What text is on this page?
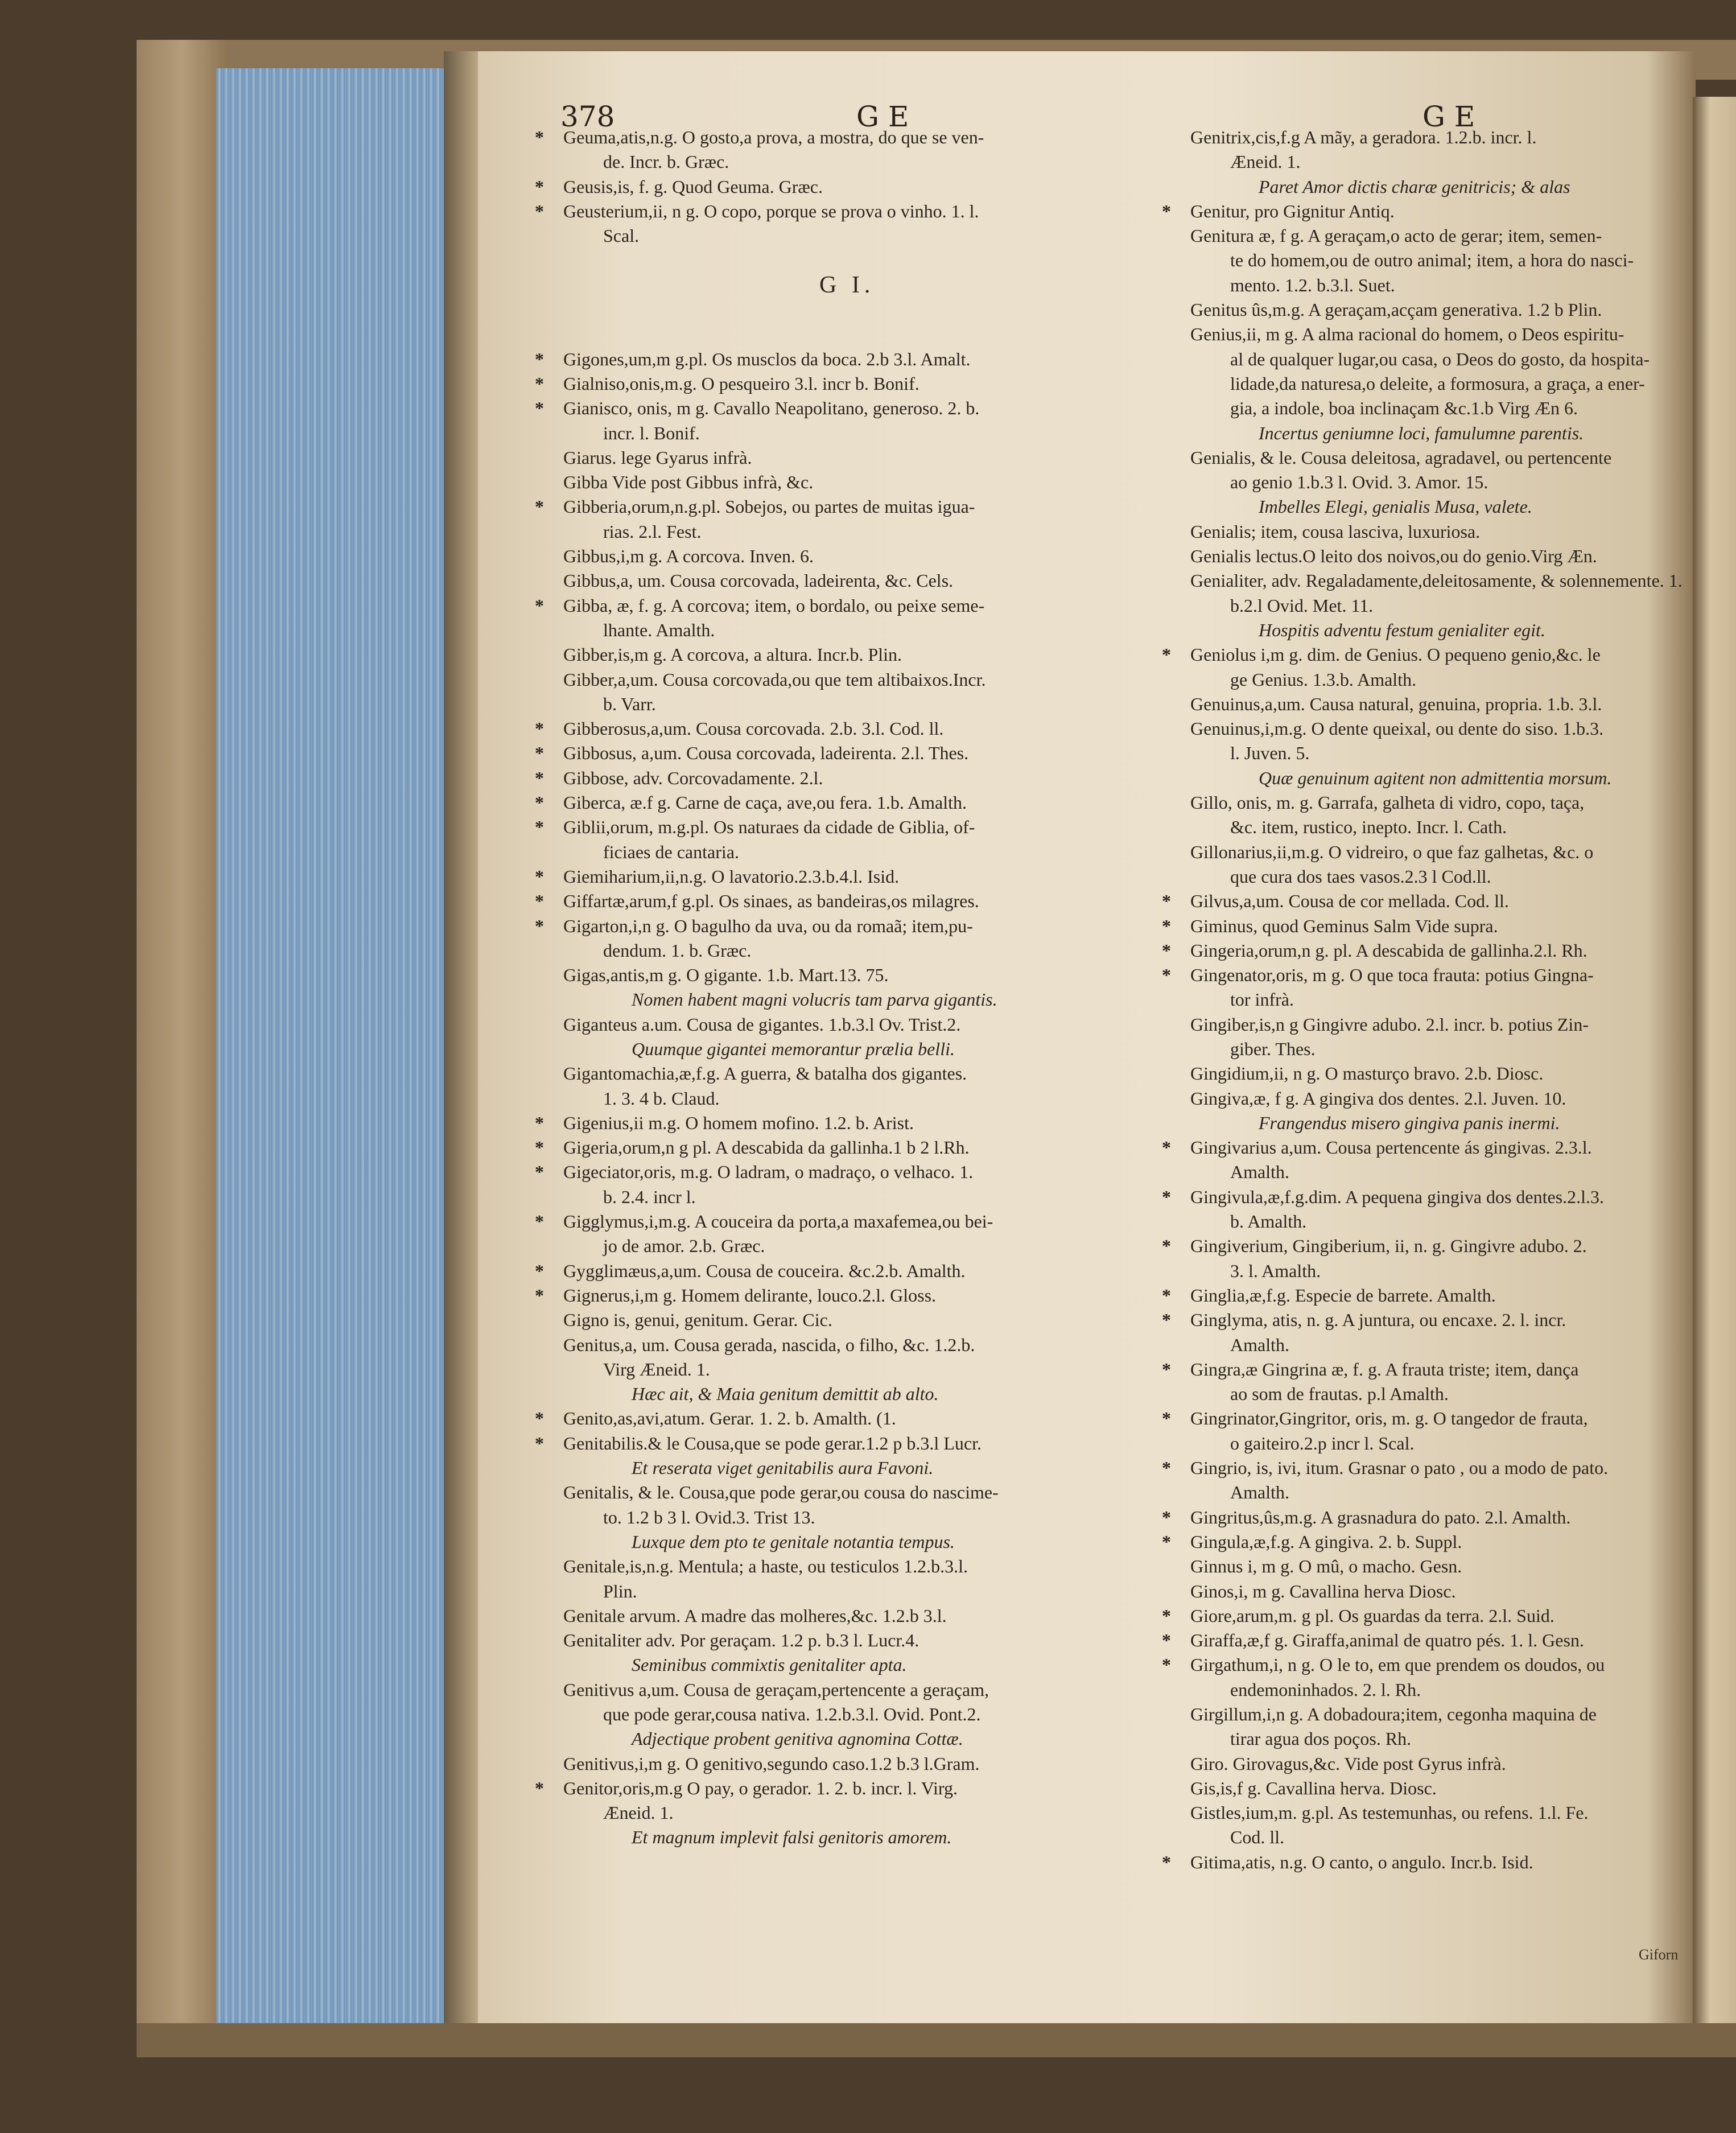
378	G E	G E
* Geuma,atis,n.g. O gosto,a prova, a mostra, do que se ven-
de. Incr. b. Græc.
* Geusis,is, f. g. Quod Geuma. Græc.
* Geusterium,ii, n g. O copo, porque se prova o vinho. 1. l.
Scal.
G I.
* Gigones,um,m g.pl. Os musclos da boca. 2.b 3.l. Amalt.
* Gialniso,onis,m.g. O pesqueiro 3.l. incr b. Bonif.
* Gianisco, onis, m g. Cavallo Neapolitano, generoso. 2. b.
incr. l. Bonif.
Giarus. lege Gyarus infrà.
Gibba Vide post Gibbus infrà, &c.
* Gibberia,orum,n.g.pl. Sobejos, ou partes de muitas igua-
rias. 2.l. Fest.
Gibbus,i,m g. A corcova. Inven. 6.
Gibbus,a, um. Cousa corcovada, ladeirenta, &c. Cels.
* Gibba, æ, f. g. A corcova; item, o bordalo, ou peixe seme-
lhante. Amalth.
Gibber,is,m g. A corcova, a altura. Incr.b. Plin.
Gibber,a,um. Cousa corcovada,ou que tem altibaixos.Incr.
b. Varr.
* Gibberosus,a,um. Cousa corcovada. 2.b. 3.l. Cod. ll.
* Gibbosus, a,um. Cousa corcovada, ladeirenta. 2.l. Thes.
* Gibbose, adv. Corcovadamente. 2.l.
* Giberca, æ.f g. Carne de caça, ave,ou fera. 1.b. Amalth.
* Giblii,orum, m.g.pl. Os naturaes da cidade de Giblia, of-
ficiaes de cantaria.
* Giemiharium,ii,n.g. O lavatorio.2.3.b.4.l. Isid.
* Giffartæ,arum,f g.pl. Os sinaes, as bandeiras,os milagres.
* Gigarton,i,n g. O bagulho da uva, ou da romaã; item,pu-
dendum. 1. b. Græc.
Gigas,antis,m g. O gigante. 1.b. Mart.13. 75.
Nomen habent magni volucris tam parva gigantis.
Giganteus a.um. Cousa de gigantes. 1.b.3.l Ov. Trist.2.
Quumque gigantei memorantur prælia belli.
Gigantomachia,æ,f.g. A guerra, & batalha dos gigantes.
1. 3. 4 b. Claud.
* Gigenius,ii m.g. O homem mofino. 1.2. b. Arist.
* Gigeria,orum,n g pl. A descabida da gallinha.1 b 2 l.Rh.
* Gigeciator,oris, m.g. O ladram, o madraço, o velhaco. 1.
b. 2.4. incr l.
* Gigglymus,i,m.g. A couceira da porta,a maxafemea,ou bei-
jo de amor. 2.b. Græc.
* Gygglimæus,a,um. Cousa de couceira. &c.2.b. Amalth.
* Gignerus,i,m g. Homem delirante, louco.2.l. Gloss.
Gigno is, genui, genitum. Gerar. Cic.
Genitus,a, um. Cousa gerada, nascida, o filho, &c. 1.2.b.
Virg Æneid. 1.
Hæc ait, & Maia genitum demittit ab alto.
* Genito,as,avi,atum. Gerar. 1. 2. b. Amalth. (1.
* Genitabilis.& le Cousa,que se pode gerar.1.2 p b.3.l Lucr.
Et reserata viget genitabilis aura Favoni.
Genitalis, & le. Cousa,que pode gerar,ou cousa do nascime-
to. 1.2 b 3 l. Ovid.3. Trist 13.
Luxque dem pto te genitale notantia tempus.
Genitale,is,n.g. Mentula; a haste, ou testiculos 1.2.b.3.l.
Plin.
Genitale arvum. A madre das molheres,&c. 1.2.b 3.l.
Genitaliter adv. Por geraçam. 1.2 p. b.3 l. Lucr.4.
Seminibus commixtis genitaliter apta.
Genitivus a,um. Cousa de geraçam,pertencente a geraçam,
que pode gerar,cousa nativa. 1.2.b.3.l. Ovid. Pont.2.
Adjectique probent genitiva agnomina Cottæ.
Genitivus,i,m g. O genitivo,segundo caso.1.2 b.3 l.Gram.
* Genitor,oris,m.g O pay, o gerador. 1. 2. b. incr. l. Virg.
Æneid. 1.
Et magnum implevit falsi genitoris amorem.
Genitrix,cis,f.g A mãy, a geradora. 1.2.b. incr. l.
Æneid. 1.
Paret Amor dictis charæ genitricis; & alas
* Genitur, pro Gignitur Antiq.
Genitura æ, f g. A geraçam,o acto de gerar; item, semen-
te do homem,ou de outro animal; item, a hora do nasci-
mento. 1.2. b.3.l. Suet.
Genitus ûs,m.g. A geraçam,acçam generativa. 1.2 b Plin.
Genius,ii, m g. A alma racional do homem, o Deos espiritu-
al de qualquer lugar,ou casa, o Deos do gosto, da hospita-
lidade,da naturesa,o deleite, a formosura, a graça, a ener-
gia, a indole, boa inclinaçam &c.1.b Virg Æn 6.
Incertus geniumne loci, famulumne parentis.
Genialis, & le. Cousa deleitosa, agradavel, ou pertencente
ao genio 1.b.3 l. Ovid. 3. Amor. 15.
Imbelles Elegi, genialis Musa, valete.
Genialis; item, cousa lasciva, luxuriosa.
Genialis lectus.O leito dos noivos,ou do genio.Virg Æn.
Genialiter, adv. Regaladamente,deleitosamente, & solennemente. 1.
b.2.l Ovid. Met. 11.
Hospitis adventu festum genialiter egit.
* Geniolus i,m g. dim. de Genius. O pequeno genio,&c. le
ge Genius. 1.3.b. Amalth.
Genuinus,a,um. Causa natural, genuina, propria. 1.b. 3.l.
Genuinus,i,m.g. O dente queixal, ou dente do siso. 1.b.3.
l. Juven. 5.
Quæ genuinum agitent non admittentia morsum.
Gillo, onis, m. g. Garrafa, galheta di vidro, copo, taça,
&c. item, rustico, inepto. Incr. l. Cath.
Gillonarius,ii,m.g. O vidreiro, o que faz galhetas, &c. o
que cura dos taes vasos.2.3 l Cod.ll.
* Gilvus,a,um. Cousa de cor mellada. Cod. ll.
* Giminus, quod Geminus Salm Vide supra.
* Gingeria,orum,n g. pl. A descabida de gallinha.2.l. Rh.
* Gingenator,oris, m g. O que toca frauta: potius Gingna-
tor infrà.
Gingiber,is,n g Gingivre adubo. 2.l. incr. b. potius Zin-
giber. Thes.
Gingidium,ii, n g. O masturço bravo. 2.b. Diosc.
Gingiva,æ, f g. A gingiva dos dentes. 2.l. Juven. 10.
Frangendus misero gingiva panis inermi.
* Gingivarius a,um. Cousa pertencente ás gingivas. 2.3.l.
Amalth.
* Gingivula,æ,f.g.dim. A pequena gingiva dos dentes.2.l.3.
b. Amalth.
* Gingiverium, Gingiberium, ii, n. g. Gingivre adubo. 2.
3. l. Amalth.
* Ginglia,æ,f.g. Especie de barrete. Amalth.
* Ginglyma, atis, n. g. A juntura, ou encaxe. 2. l. incr.
Amalth.
* Gingra,æ Gingrina æ, f. g. A frauta triste; item, dança
ao som de frautas. p.l Amalth.
* Gingrinator,Gingritor, oris, m. g. O tangedor de frauta,
o gaiteiro.2.p incr l. Scal.
* Gingrio, is, ivi, itum. Grasnar o pato , ou a modo de pato.
Amalth.
* Gingritus,ûs,m.g. A grasnadura do pato. 2.l. Amalth.
* Gingula,æ,f.g. A gingiva. 2. b. Suppl.
Ginnus i, m g. O mû, o macho. Gesn.
Ginos,i, m g. Cavallina herva Diosc.
* Giore,arum,m. g pl. Os guardas da terra. 2.l. Suid.
* Giraffa,æ,f g. Giraffa,animal de quatro pés. 1. l. Gesn.
* Girgathum,i, n g. O le to, em que prendem os doudos, ou
endemoninhados. 2. l. Rh.
Girgillum,i,n g. A dobadoura;item, cegonha maquina de
tirar agua dos poços. Rh.
Giro. Girovagus,&c. Vide post Gyrus infrà.
Gis,is,f g. Cavallina herva. Diosc.
Gistles,ium,m. g.pl. As testemunhas, ou refens. 1.l. Fe.
Cod. ll.
* Gitima,atis, n.g. O canto, o angulo. Incr.b. Isid.
Giforn
